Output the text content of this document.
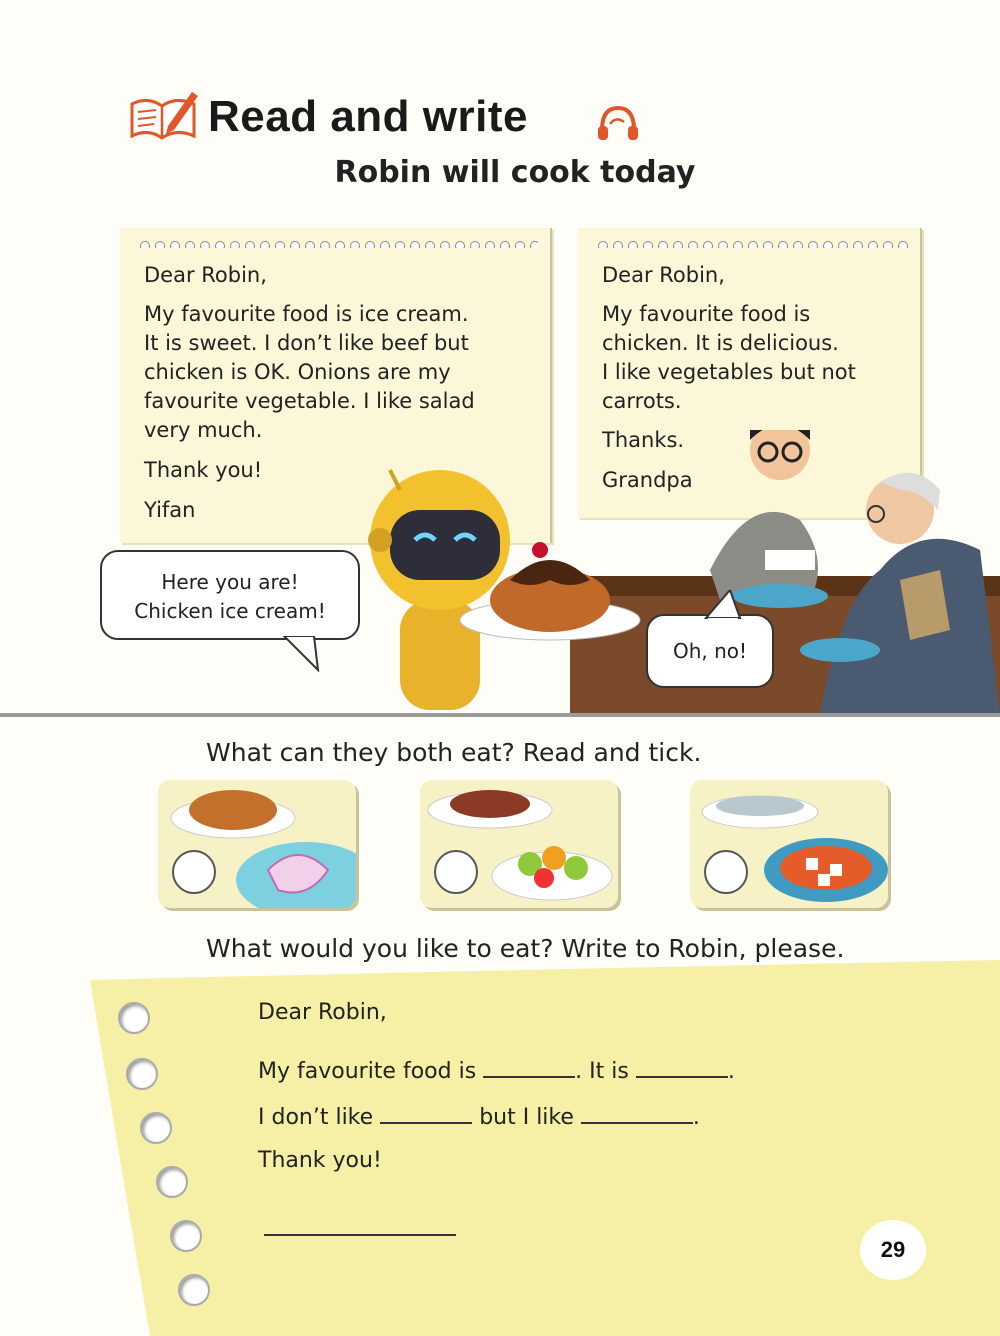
Read and write
Robin will cook today

Dear Robin,

My favourite food is ice cream.

It is sweet. I don’t like beef but

chicken is OK. Onions are my

favourite vegetable. I like salad

very much.

Thank you!

Yifan

Dear Robin,

My favourite food is

chicken. It is delicious.

I like vegetables but not

carrots.

Thanks.

Grandpa

Here you are!
Chicken ice cream!
Oh, no!

What can they both eat? Read and tick.

What would you like to eat? Write to Robin, please.

Dear Robin,

My favourite food is	. It is	.

I don’t like	but I like	.

Thank you!

29
